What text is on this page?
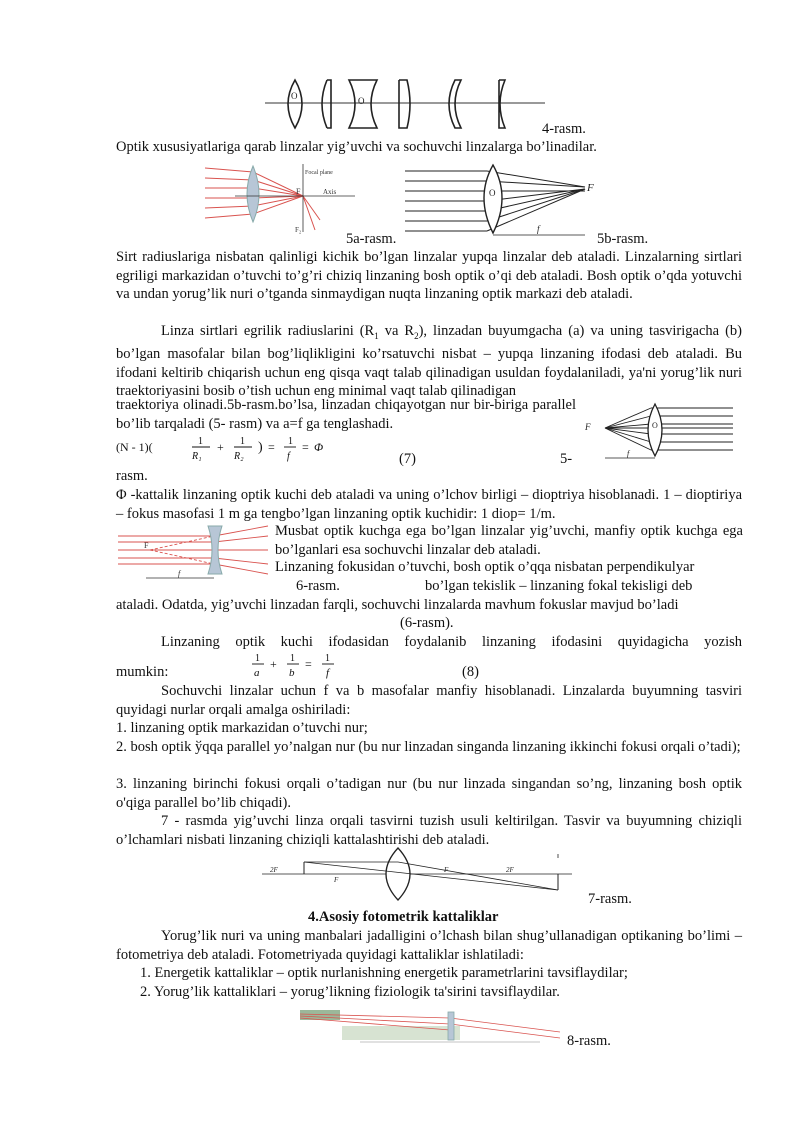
O	O
4-rasm.
Optik xususiyatlariga qarab linzalar yig’uvchi va sochuvchi linzalarga bo’linadilar.
Focal plane
F	Axis
F₂
5a-rasm.
O	F
f
5b-rasm.
Sirt radiuslariga nisbatan qalinligi kichik bo’lgan linzalar yupqa linzalar deb ataladi. Linzalarning sirtlari egriligi markazidan o’tuvchi to’g’ri chiziq linzaning bosh optik o’qi deb ataladi. Bosh optik o’qda yotuvchi va undan yorug’lik nuri o’tganda sinmaydigan nuqta linzaning optik markazi deb ataladi.
Linza sirtlari egrilik radiuslarini ($R_1$ va $R_2$), linzadan buyumgacha (a) va uning tasvirigacha (b) bo’lgan masofalar bilan bog’liqlikligini ko’rsatuvchi nisbat – yupqa linzaning ifodasi deb ataladi. Bu ifodani keltirib chiqarish uchun eng qisqa vaqt talab qilinadigan usuldan foydalaniladi, ya'ni yorug’lik nuri traektoriyasini bosib o’tish uchun eng minimal vaqt talab qilinadigan
traektoriya olinadi.5b-rasm.bo’lsa, linzadan chiqayotgan nur bir-biriga parallel bo’lib tarqaladi (5- rasm) va a=f ga tenglashadi.
(N - 1)(	1
R₁
+ 1
R₂
) = 1
f
= Φ
(7)	5-
F	O
f
rasm.
Φ -kattalik linzaning optik kuchi deb ataladi va uning o’lchov birligi – dioptriya hisoblanadi. 1 – dioptiriya – fokus masofasi 1 m ga tengbo’lgan linzaning optik kuchidir: 1 diop= 1/m.
F
f
Musbat optik kuchga ega bo’lgan linzalar yig’uvchi, manfiy optik kuchga ega bo’lganlari esa sochuvchi linzalar deb ataladi.
Linzaning fokusidan o’tuvchi, bosh optik o’qqa nisbatan perpendikulyar
6-rasm.	bo’lgan tekislik – linzaning fokal tekisligi deb
ataladi. Odatda, yig’uvchi linzadan farqli, sochuvchi linzalarda mavhum fokuslar mavjud bo’ladi
(6-rasm).
Linzaning optik kuchi ifodasidan foydalanib linzaning ifodasini quyidagicha yozish
mumkin:
1
a
+ 1
b
= 1
f	(8)
Sochuvchi linzalar uchun f va b masofalar manfiy hisoblanadi. Linzalarda buyumning tasviri quyidagi nurlar orqali amalga oshiriladi:
1. linzaning optik markazidan o’tuvchi nur;
2. bosh optik ўqqa parallel yo’nalgan nur (bu nur linzadan singanda linzaning ikkinchi fokusi orqali o’tadi);
3. linzaning birinchi fokusi orqali o’tadigan nur (bu nur linzada singandan so’ng, linzaning bosh optik o'qiga parallel bo’lib chiqadi).
7 - rasmda yig’uvchi linza orqali tasvirni tuzish usuli keltirilgan. Tasvir va buyumning chiziqli o’lchamlari nisbati linzaning chiziqli kattalashtirishi deb ataladi.
2F
F
F	2F
7-rasm.
4.Asosiy fotometrik kattaliklar
Yorug’lik nuri va uning manbalari jadalligini o’lchash bilan shug’ullanadigan optikaning bo’limi – fotometriya deb ataladi. Fotometriyada quyidagi kattaliklar ishlatiladi:
1. Energetik kattaliklar – optik nurlanishning energetik parametrlarini tavsiflaydilar;
2. Yorug’lik kattaliklari – yorug’likning fiziologik ta'sirini tavsiflaydilar.
8-rasm.
